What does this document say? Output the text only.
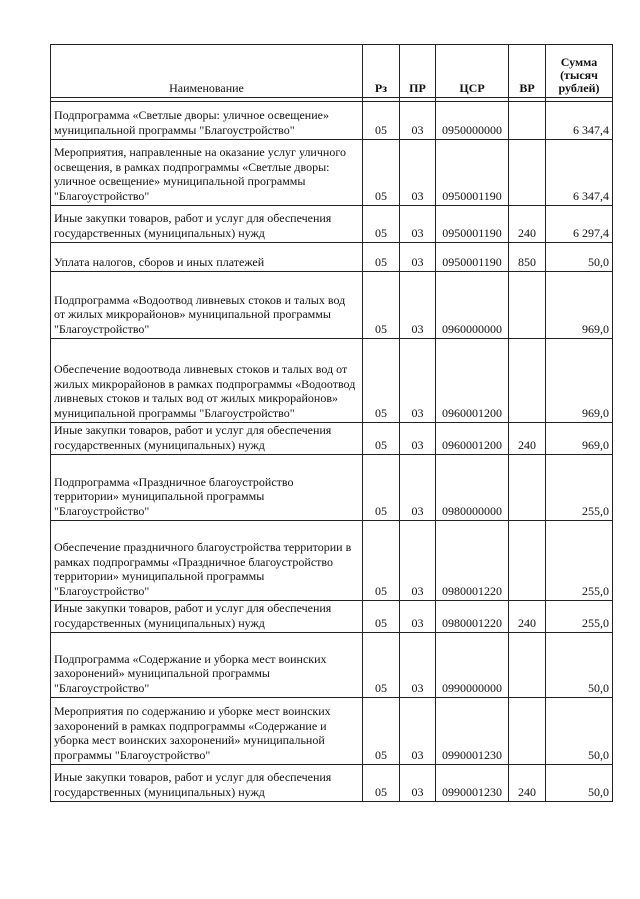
Наименование	Рз	ПР	ЦСР	ВР	Сумма
(тысяч
рублей)

Подпрограмма «Светлые дворы: уличное освещение» муниципальной программы "Благоустройство"	05	03	0950000000		6 347,4
Мероприятия, направленные на оказание услуг уличного освещения, в рамках подпрограммы «Светлые дворы: уличное освещение» муниципальной программы "Благоустройство"	05	03	0950001190		6 347,4
Иные закупки товаров, работ и услуг для обеспечения государственных (муниципальных) нужд	05	03	0950001190	240	6 297,4
Уплата налогов, сборов и иных платежей	05	03	0950001190	850	50,0
Подпрограмма «Водоотвод ливневых стоков и талых вод от жилых микрорайонов» муниципальной программы "Благоустройство"	05	03	0960000000		969,0
Обеспечение водоотвода ливневых стоков и талых вод от жилых микрорайонов в рамках подпрограммы «Водоотвод ливневых стоков и талых вод от жилых микрорайонов» муниципальной программы "Благоустройство"	05	03	0960001200		969,0
Иные закупки товаров, работ и услуг для обеспечения государственных (муниципальных) нужд	05	03	0960001200	240	969,0
Подпрограмма «Праздничное благоустройство территории» муниципальной программы "Благоустройство"	05	03	0980000000		255,0
Обеспечение праздничного благоустройства территории в рамках подпрограммы «Праздничное благоустройство территории» муниципальной программы "Благоустройство"	05	03	0980001220		255,0
Иные закупки товаров, работ и услуг для обеспечения государственных (муниципальных) нужд	05	03	0980001220	240	255,0
Подпрограмма «Содержание и уборка мест воинских захоронений» муниципальной программы "Благоустройство"	05	03	0990000000		50,0
Мероприятия по содержанию и уборке мест воинских захоронений в рамках подпрограммы «Содержание и уборка мест воинских захоронений» муниципальной программы "Благоустройство"	05	03	0990001230		50,0
Иные закупки товаров, работ и услуг для обеспечения государственных (муниципальных) нужд	05	03	0990001230	240	50,0
